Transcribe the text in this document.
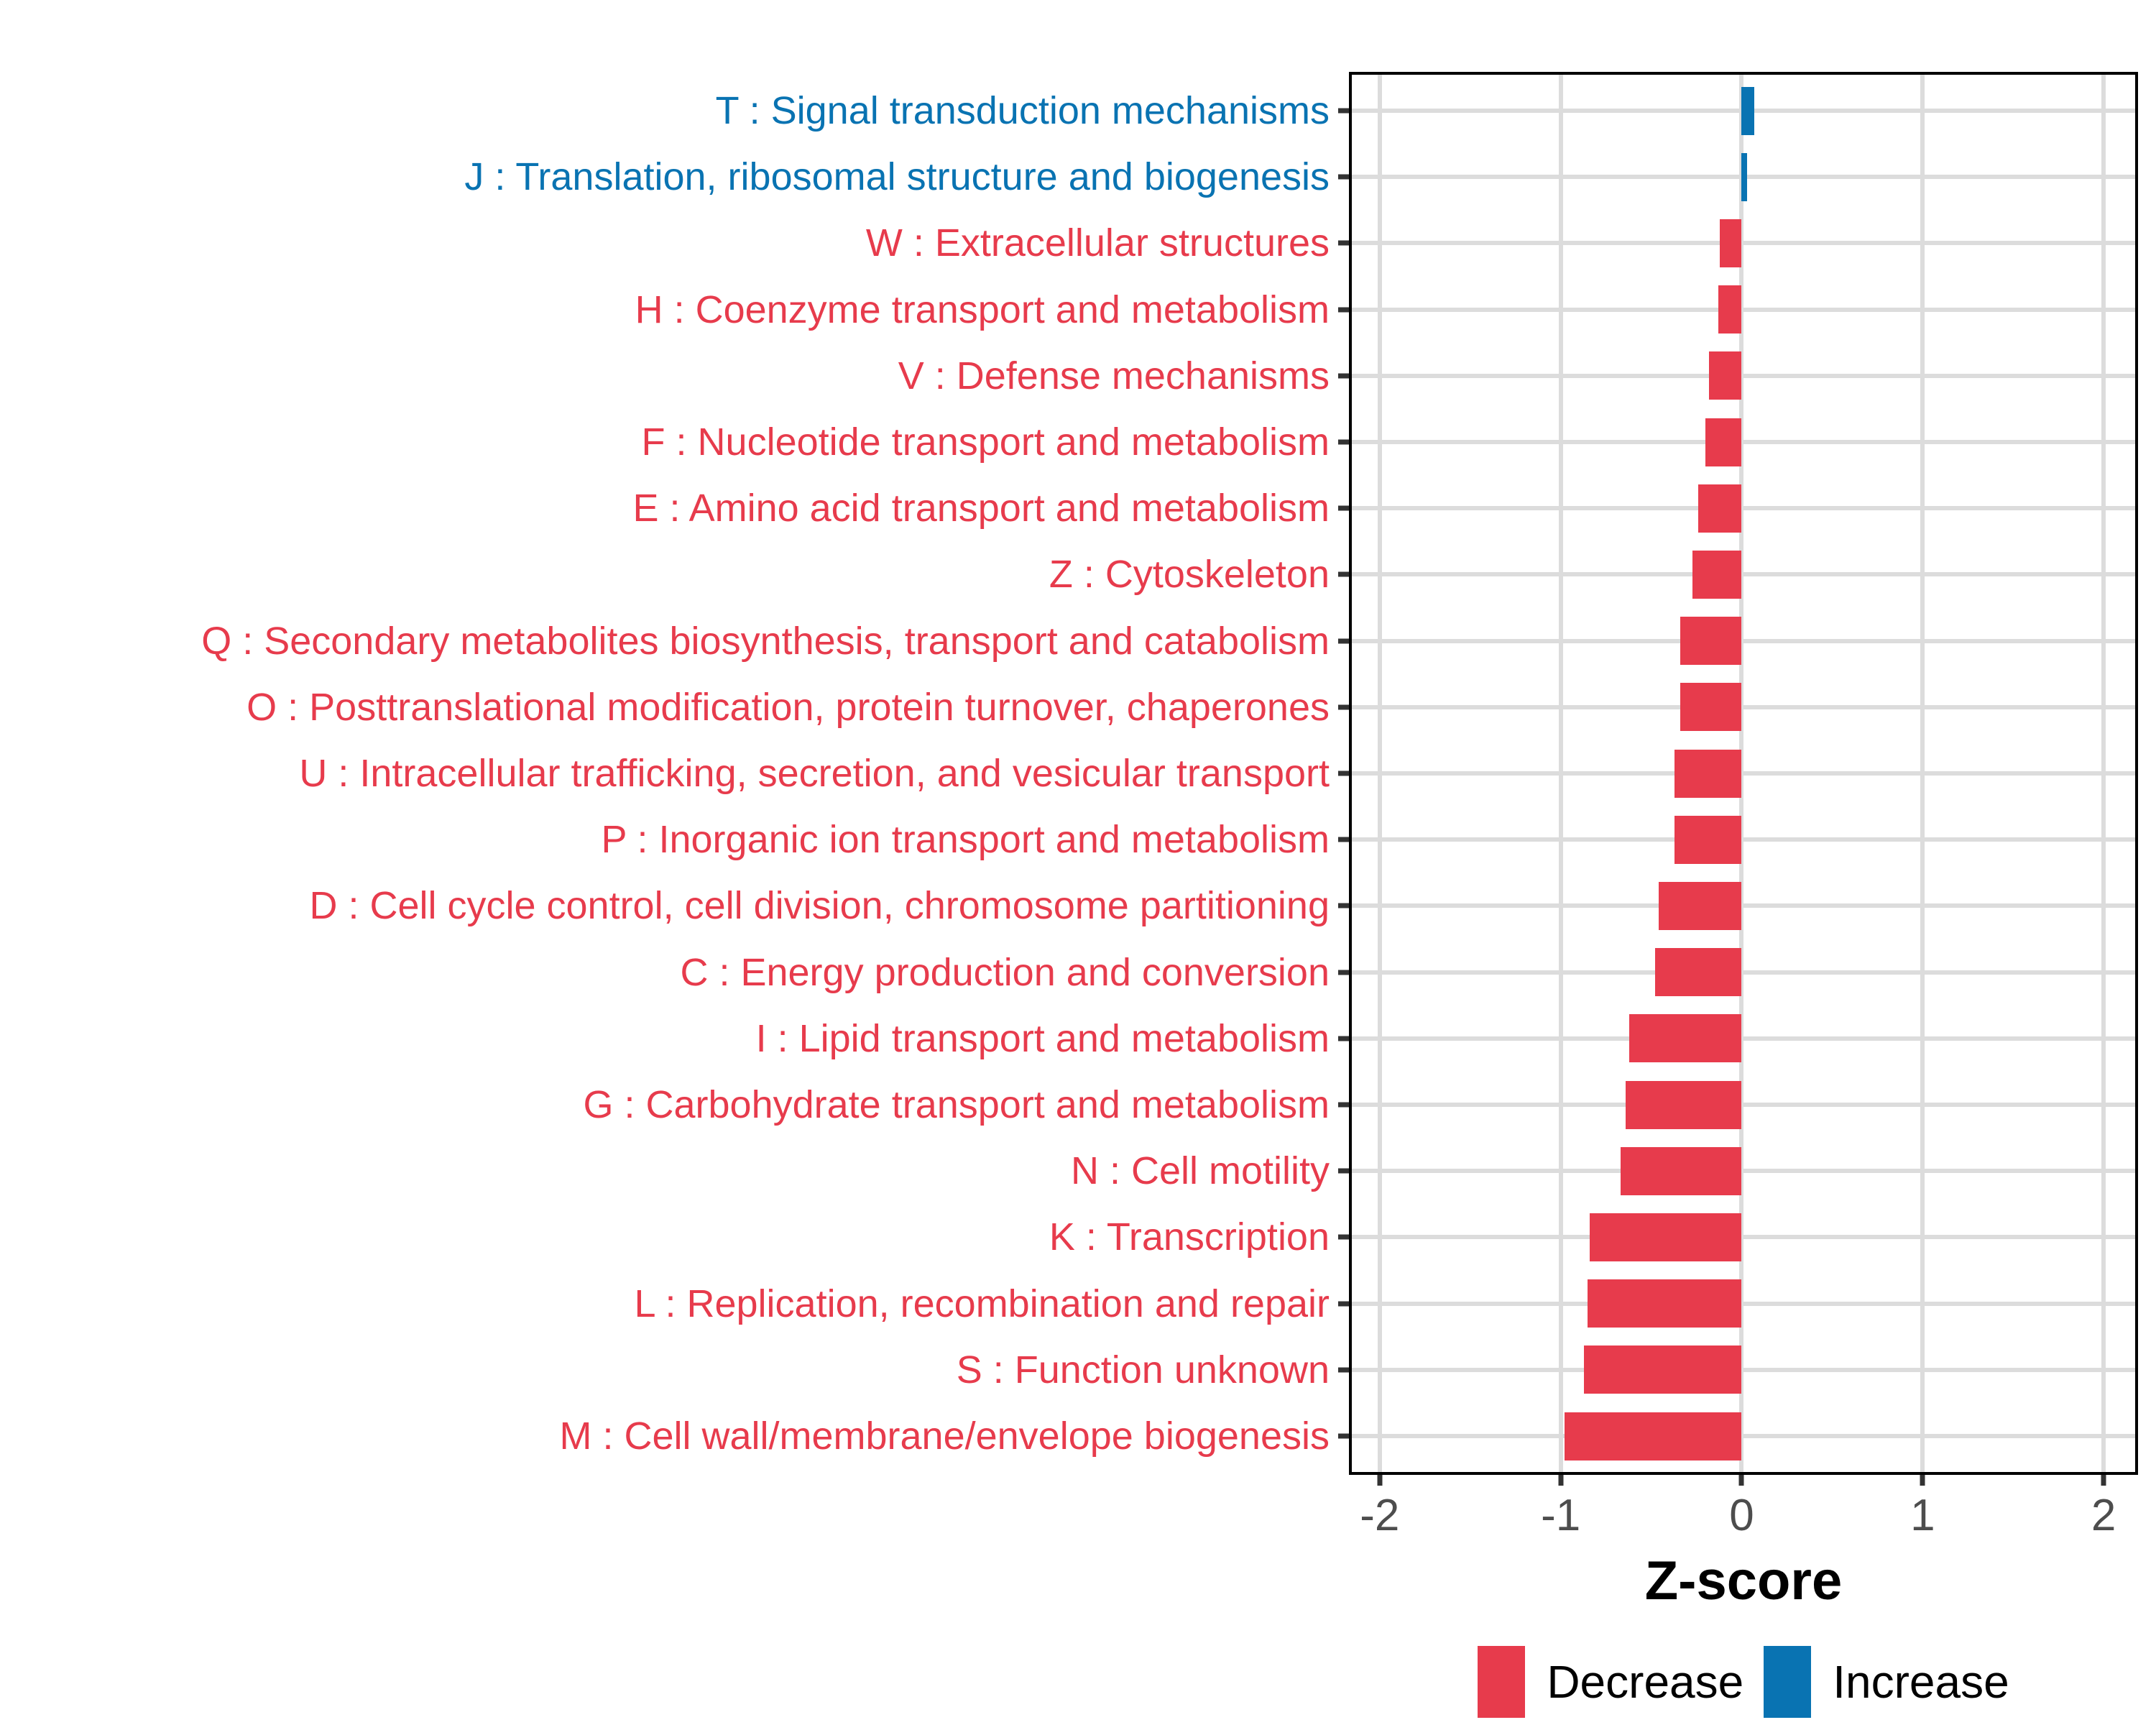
T : Signal transduction mechanisms
J : Translation, ribosomal structure and biogenesis
W : Extracellular structures
H : Coenzyme transport and metabolism
V : Defense mechanisms
F : Nucleotide transport and metabolism
E : Amino acid transport and metabolism
Z : Cytoskeleton
Q : Secondary metabolites biosynthesis, transport and catabolism
O : Posttranslational modification, protein turnover, chaperones
U : Intracellular trafficking, secretion, and vesicular transport
P : Inorganic ion transport and metabolism
D : Cell cycle control, cell division, chromosome partitioning
C : Energy production and conversion
I : Lipid transport and metabolism
G : Carbohydrate transport and metabolism
N : Cell motility
K : Transcription
L : Replication, recombination and repair
S : Function unknown
M : Cell wall/membrane/envelope biogenesis
-2	-1	0	1	2
Z-score
Decrease Increase
